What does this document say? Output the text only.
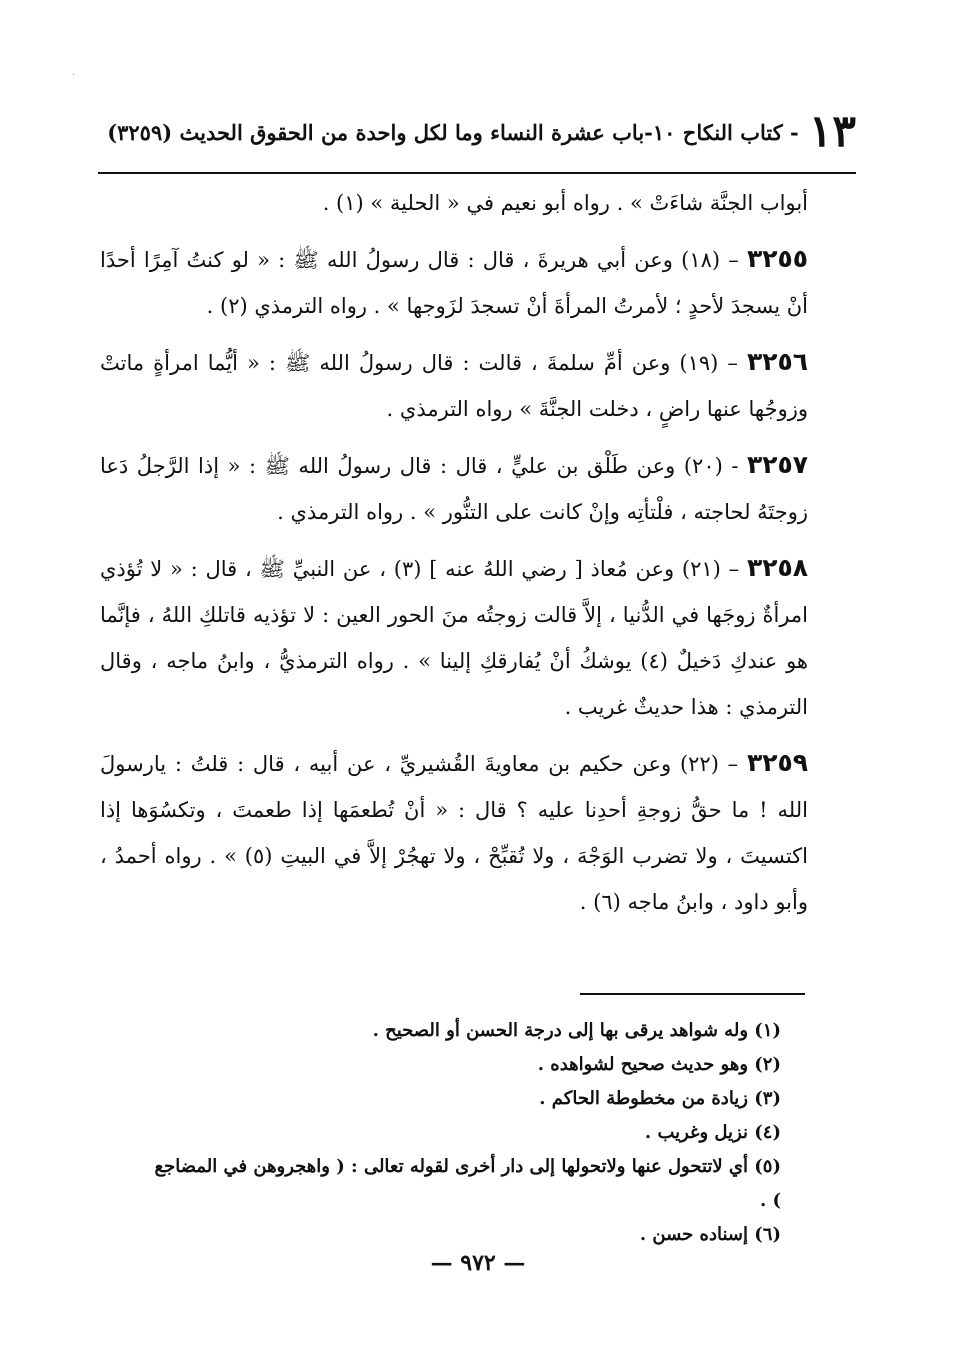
·
١٣
- كتاب النكاح ١٠-باب عشرة النساء وما لكل واحدة من الحقوق الحديث (٣٢٥٩)

أبواب الجنَّة شاءَتْ » . رواه أبو نعيم في « الحلية » (١) .

٣٢٥٥ – (١٨) وعن أبي هريرةَ ، قال : قال رسولُ الله ﷺ : « لو كنتُ آمِرًا أحدًا أنْ يسجدَ لأحدٍ ؛ لأمرتُ المرأةَ أنْ تسجدَ لزَوجها » . رواه الترمذي (٢) .

٣٢٥٦ – (١٩) وعن أمِّ سلمةَ ، قالت : قال رسولُ الله ﷺ : « أيُّما امرأةٍ ماتتْ وزوجُها عنها راضٍ ، دخلت الجنَّةَ » رواه الترمذي .

٣٢٥٧ - (٢٠) وعن طَلْق بن عليٍّ ، قال : قال رسولُ الله ﷺ : « إذا الرَّجلُ دَعا زوجتَهُ لحاجته ، فلْتأتِه وإنْ كانت على التنُّور » . رواه الترمذي .

٣٢٥٨ – (٢١) وعن مُعاذ [ رضي اللهُ عنه ] (٣) ، عن النبيِّ ﷺ ، قال : « لا تُؤذي امرأةٌ زوجَها في الدُّنيا ، إلاَّ قالت زوجتُه منَ الحور العين : لا تؤذيه قاتلكِ اللهُ ، فإنَّما هو عندكِ دَخيلٌ (٤) يوشكُ أنْ يُفارقكِ إلينا » . رواه الترمذيُّ ، وابنُ ماجه ، وقال الترمذي : هذا حديثٌ غريب .

٣٢٥٩ – (٢٢) وعن حكيم بن معاويةَ القُشيريِّ ، عن أبيه ، قال : قلتُ : يارسولَ الله ! ما حقُّ زوجةِ أحدِنا عليه ؟ قال : « أنْ تُطعمَها إذا طعمتَ ، وتكسُوَها إذا اكتسيتَ ، ولا تضرب الوَجْهَ ، ولا تُقبِّحْ ، ولا تهجُرْ إلاَّ في البيتِ (٥) » . رواه أحمدُ ، وأبو داود ، وابنُ ماجه (٦) .

(١) وله شواهد يرقى بها إلى درجة الحسن أو الصحيح .

(٢) وهو حديث صحيح لشواهده .

(٣) زيادة من مخطوطة الحاكم .

(٤) نزيل وغريب .

(٥) أي لاتتحول عنها ولاتحولها إلى دار أخرى لقوله تعالى : ( واهجروهن في المضاجع ) .

(٦) إسناده حسن .

— ٩٧٢ —
